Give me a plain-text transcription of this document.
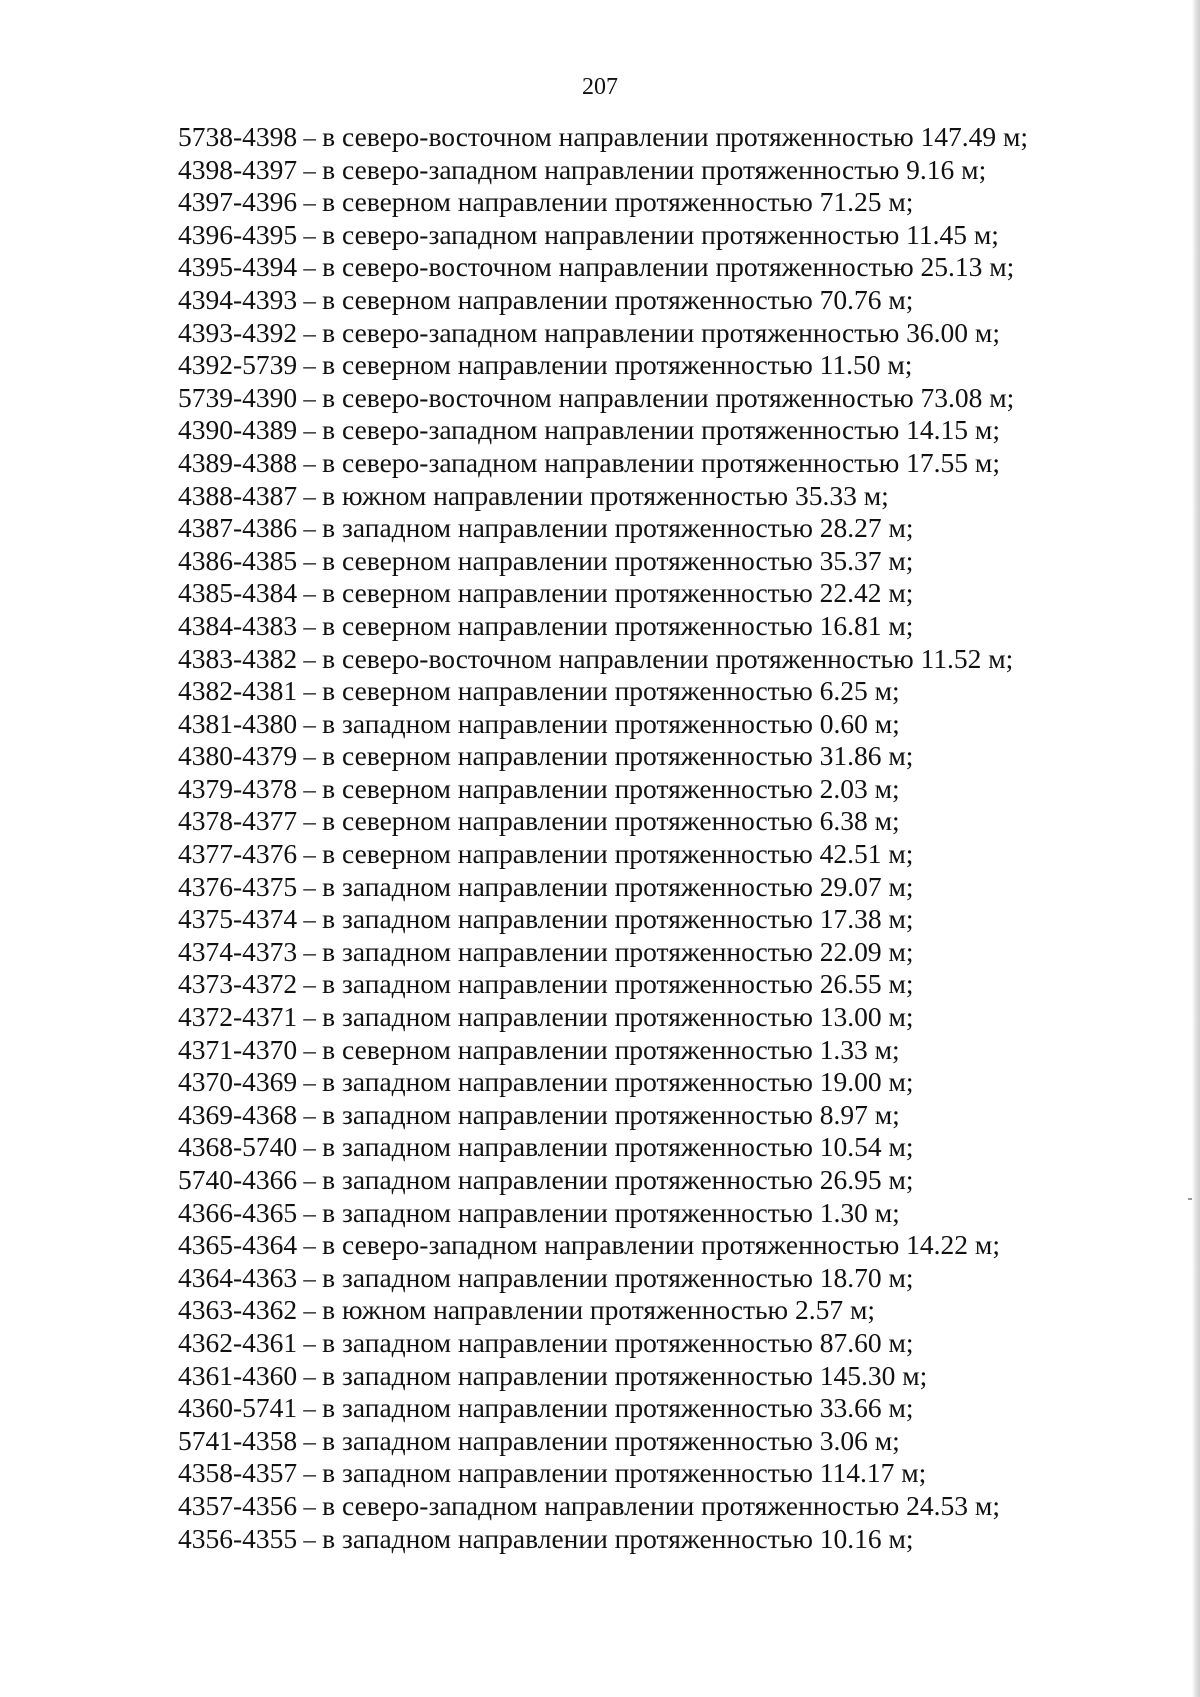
207
5738-4398 – в северо-восточном направлении протяженностью 147.49 м;
4398-4397 – в северо-западном направлении протяженностью 9.16 м;
4397-4396 – в северном направлении протяженностью 71.25 м;
4396-4395 – в северо-западном направлении протяженностью 11.45 м;
4395-4394 – в северо-восточном направлении протяженностью 25.13 м;
4394-4393 – в северном направлении протяженностью 70.76 м;
4393-4392 – в северо-западном направлении протяженностью 36.00 м;
4392-5739 – в северном направлении протяженностью 11.50 м;
5739-4390 – в северо-восточном направлении протяженностью 73.08 м;
4390-4389 – в северо-западном направлении протяженностью 14.15 м;
4389-4388 – в северо-западном направлении протяженностью 17.55 м;
4388-4387 – в южном направлении протяженностью 35.33 м;
4387-4386 – в западном направлении протяженностью 28.27 м;
4386-4385 – в северном направлении протяженностью 35.37 м;
4385-4384 – в северном направлении протяженностью 22.42 м;
4384-4383 – в северном направлении протяженностью 16.81 м;
4383-4382 – в северо-восточном направлении протяженностью 11.52 м;
4382-4381 – в северном направлении протяженностью 6.25 м;
4381-4380 – в западном направлении протяженностью 0.60 м;
4380-4379 – в северном направлении протяженностью 31.86 м;
4379-4378 – в северном направлении протяженностью 2.03 м;
4378-4377 – в северном направлении протяженностью 6.38 м;
4377-4376 – в северном направлении протяженностью 42.51 м;
4376-4375 – в западном направлении протяженностью 29.07 м;
4375-4374 – в западном направлении протяженностью 17.38 м;
4374-4373 – в западном направлении протяженностью 22.09 м;
4373-4372 – в западном направлении протяженностью 26.55 м;
4372-4371 – в западном направлении протяженностью 13.00 м;
4371-4370 – в северном направлении протяженностью 1.33 м;
4370-4369 – в западном направлении протяженностью 19.00 м;
4369-4368 – в западном направлении протяженностью 8.97 м;
4368-5740 – в западном направлении протяженностью 10.54 м;
5740-4366 – в западном направлении протяженностью 26.95 м;
4366-4365 – в западном направлении протяженностью 1.30 м;
4365-4364 – в северо-западном направлении протяженностью 14.22 м;
4364-4363 – в западном направлении протяженностью 18.70 м;
4363-4362 – в южном направлении протяженностью 2.57 м;
4362-4361 – в западном направлении протяженностью 87.60 м;
4361-4360 – в западном направлении протяженностью 145.30 м;
4360-5741 – в западном направлении протяженностью 33.66 м;
5741-4358 – в западном направлении протяженностью 3.06 м;
4358-4357 – в западном направлении протяженностью 114.17 м;
4357-4356 – в северо-западном направлении протяженностью 24.53 м;
4356-4355 – в западном направлении протяженностью 10.16 м;
